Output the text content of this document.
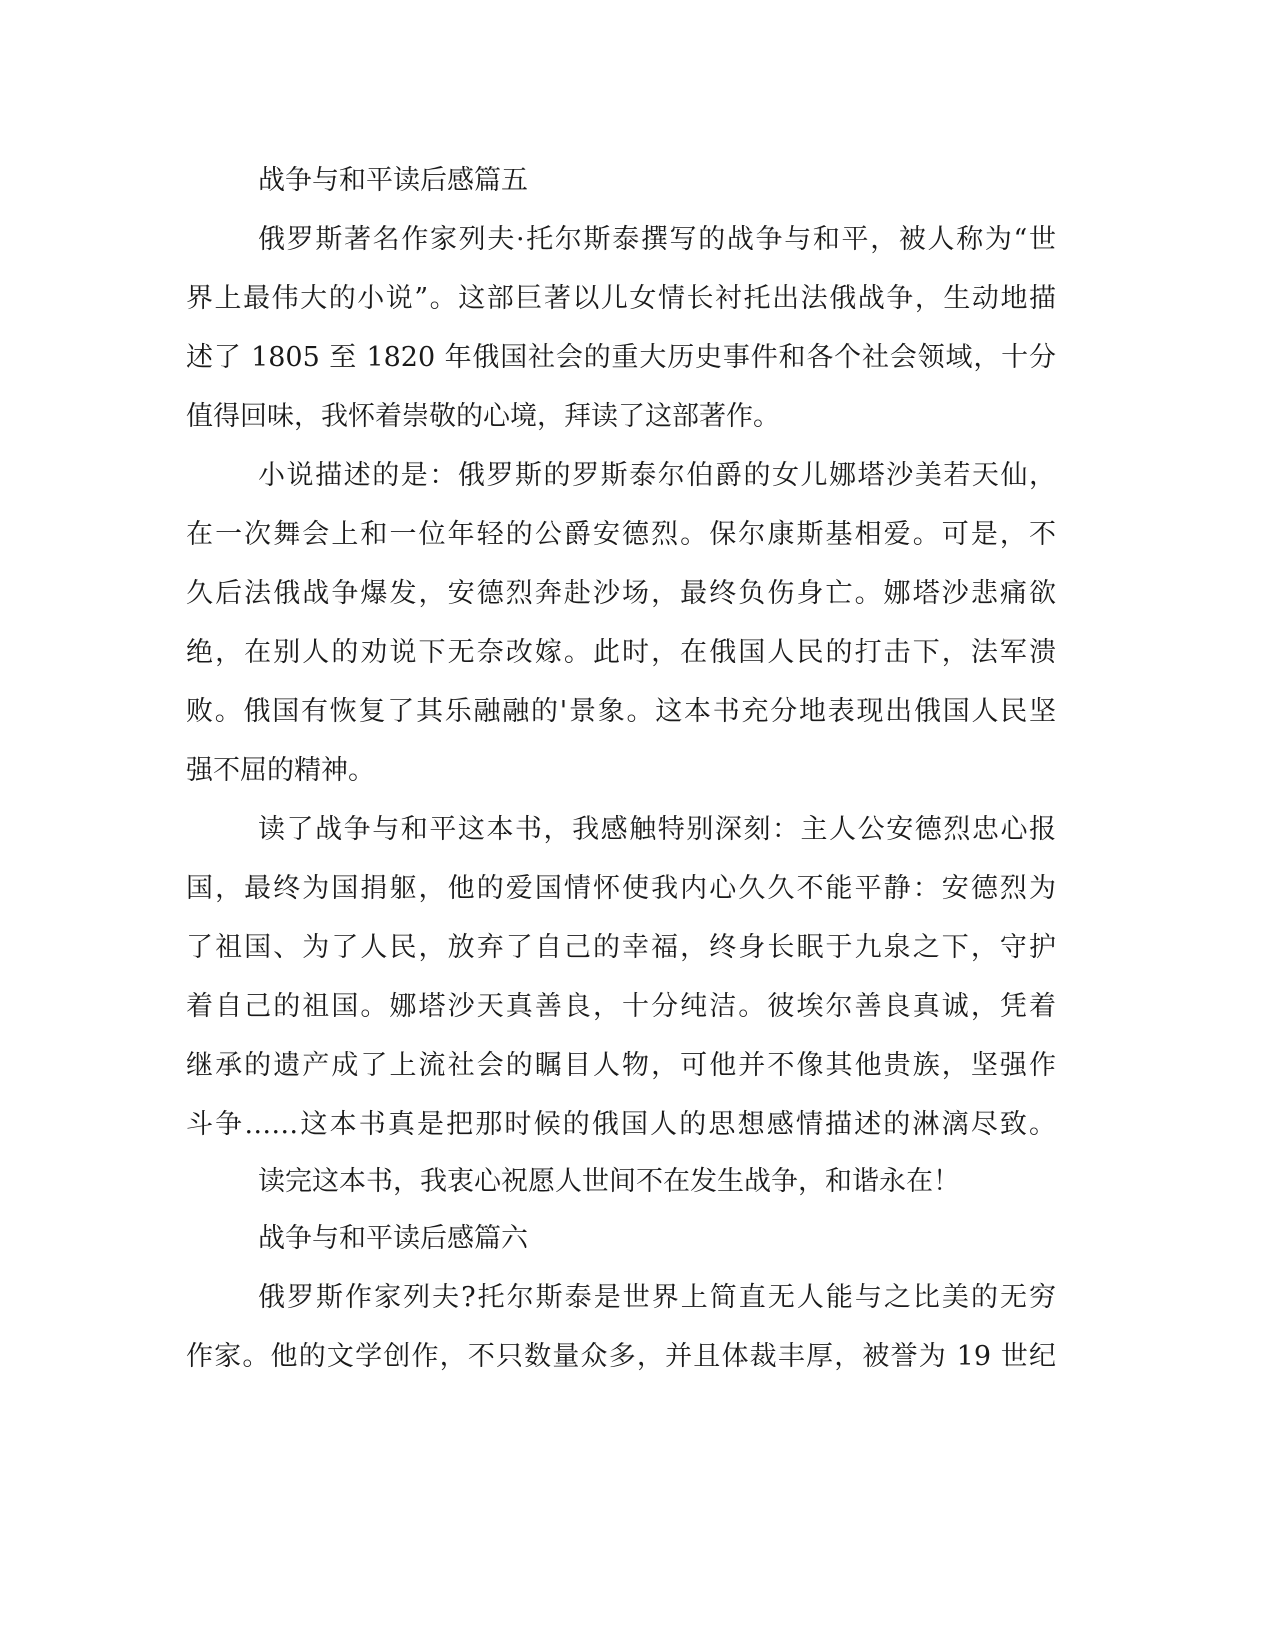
战争与和平读后感篇五
俄罗斯著名作家列夫·托尔斯泰撰写的战争与和平，被人称为“世
界上最伟大的小说”。这部巨著以儿女情长衬托出法俄战争，生动地描
述了 1805 至 1820 年俄国社会的重大历史事件和各个社会领域，十分
值得回味，我怀着崇敬的心境，拜读了这部著作。
小说描述的是：俄罗斯的罗斯泰尔伯爵的女儿娜塔沙美若天仙，
在一次舞会上和一位年轻的公爵安德烈。保尔康斯基相爱。可是，不
久后法俄战争爆发，安德烈奔赴沙场，最终负伤身亡。娜塔沙悲痛欲
绝，在别人的劝说下无奈改嫁。此时，在俄国人民的打击下，法军溃
败。俄国有恢复了其乐融融的'景象。这本书充分地表现出俄国人民坚
强不屈的精神。
读了战争与和平这本书，我感触特别深刻：主人公安德烈忠心报
国，最终为国捐躯，他的爱国情怀使我内心久久不能平静：安德烈为
了祖国、为了人民，放弃了自己的幸福，终身长眠于九泉之下，守护
着自己的祖国。娜塔沙天真善良，十分纯洁。彼埃尔善良真诚，凭着
继承的遗产成了上流社会的瞩目人物，可他并不像其他贵族，坚强作
斗争……这本书真是把那时候的俄国人的思想感情描述的淋漓尽致。
读完这本书，我衷心祝愿人世间不在发生战争，和谐永在！
战争与和平读后感篇六
俄罗斯作家列夫?托尔斯泰是世界上简直无人能与之比美的无穷
作家。他的文学创作，不只数量众多，并且体裁丰厚，被誉为 19 世纪
